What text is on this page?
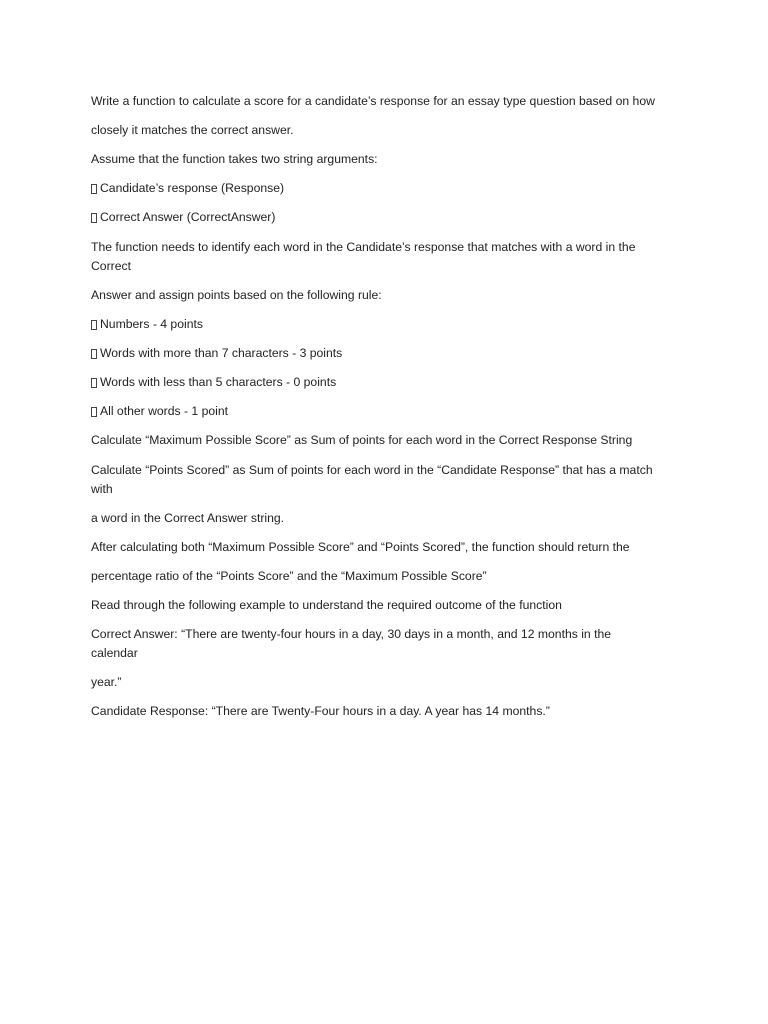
Write a function to calculate a score for a candidate’s response for an essay type question based on how
closely it matches the correct answer.
Assume that the function takes two string arguments:
Candidate’s response (Response)
Correct Answer (CorrectAnswer)
The function needs to identify each word in the Candidate’s response that matches with a word in the
Correct
Answer and assign points based on the following rule:
Numbers - 4 points
Words with more than 7 characters - 3 points
Words with less than 5 characters - 0 points
All other words - 1 point
Calculate “Maximum Possible Score” as Sum of points for each word in the Correct Response String
Calculate “Points Scored” as Sum of points for each word in the “Candidate Response” that has a match
with
a word in the Correct Answer string.
After calculating both “Maximum Possible Score” and “Points Scored”, the function should return the
percentage ratio of the “Points Score” and the “Maximum Possible Score”
Read through the following example to understand the required outcome of the function
Correct Answer: “There are twenty-four hours in a day, 30 days in a month, and 12 months in the
calendar
year.”
Candidate Response: “There are Twenty-Four hours in a day. A year has 14 months.”
